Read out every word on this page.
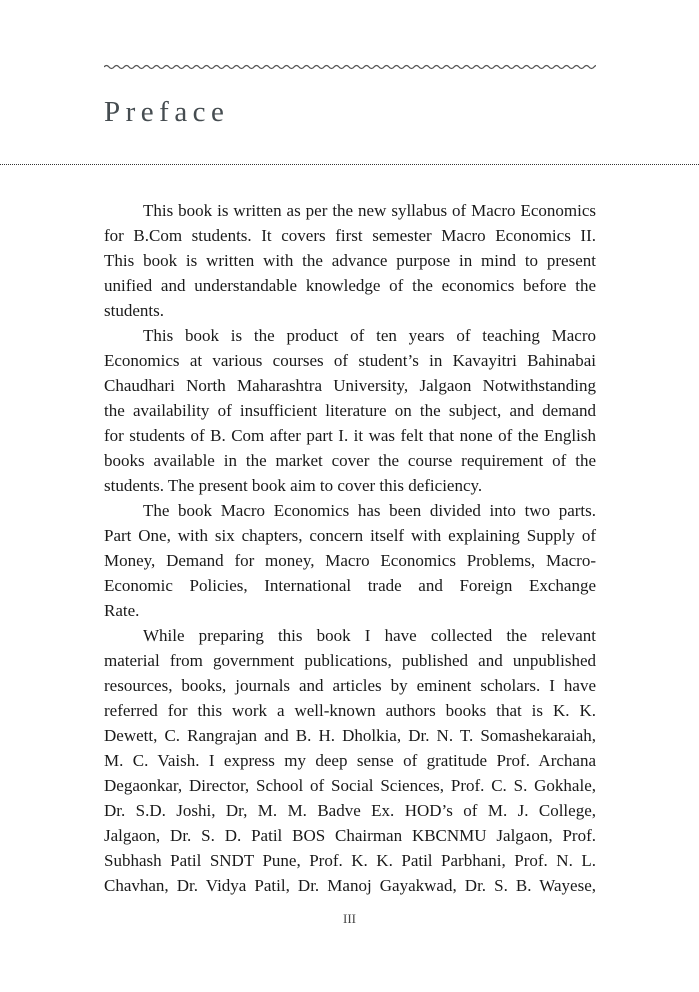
Preface
This book is written as per the new syllabus of Macro Economics
for B.Com students. It covers first semester Macro Economics II.
This book is written with the advance purpose in mind to present
unified and understandable knowledge of the economics before the
students.
This book is the product of ten years of teaching Macro
Economics at various courses of student’s in Kavayitri Bahinabai
Chaudhari North Maharashtra University, Jalgaon Notwithstanding
the availability of insufficient literature on the subject, and demand
for students of B. Com after part I. it was felt that none of the English
books available in the market cover the course requirement of the
students. The present book aim to cover this deficiency.
The book Macro Economics has been divided into two parts.
Part One, with six chapters, concern itself with explaining Supply of
Money, Demand for money, Macro Economics Problems, Macro-
Economic Policies, International trade and Foreign Exchange
Rate.
While preparing this book I have collected the relevant
material from government publications, published and unpublished
resources, books, journals and articles by eminent scholars. I have
referred for this work a well-known authors books that is K. K.
Dewett, C. Rangrajan and B. H. Dholkia, Dr. N. T. Somashekaraiah,
M. C. Vaish. I express my deep sense of gratitude Prof. Archana
Degaonkar, Director, School of Social Sciences, Prof. C. S. Gokhale,
Dr. S.D. Joshi, Dr, M. M. Badve Ex. HOD’s of M. J. College,
Jalgaon, Dr. S. D. Patil BOS Chairman KBCNMU Jalgaon, Prof.
Subhash Patil SNDT Pune, Prof. K. K. Patil Parbhani, Prof. N. L.
Chavhan, Dr. Vidya Patil, Dr. Manoj Gayakwad, Dr. S. B. Wayese,
III
